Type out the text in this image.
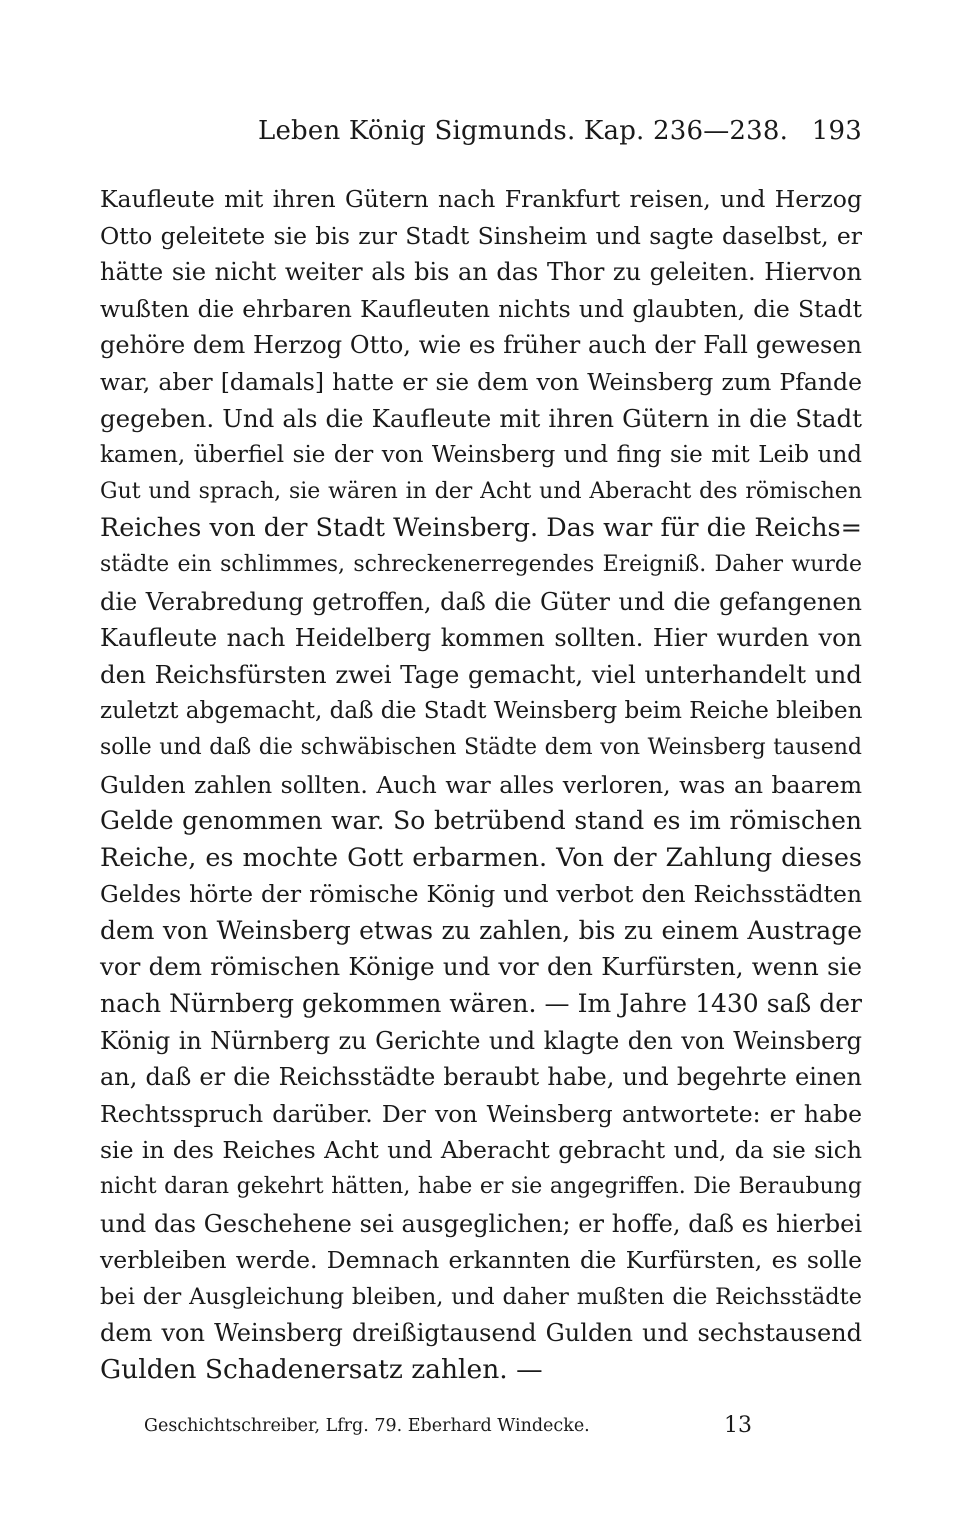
Leben König Sigmunds. Kap. 236—238. 193
Kaufleute mit ihren Gütern nach Frankfurt reisen, und Herzog
Otto geleitete sie bis zur Stadt Sinsheim und sagte daselbst, er
hätte sie nicht weiter als bis an das Thor zu geleiten. Hiervon
wußten die ehrbaren Kaufleuten nichts und glaubten, die Stadt
gehöre dem Herzog Otto, wie es früher auch der Fall gewesen
war, aber [damals] hatte er sie dem von Weinsberg zum Pfande
gegeben. Und als die Kaufleute mit ihren Gütern in die Stadt
kamen, überfiel sie der von Weinsberg und fing sie mit Leib und
Gut und sprach, sie wären in der Acht und Aberacht des römischen
Reiches von der Stadt Weinsberg. Das war für die Reichs=
städte ein schlimmes, schreckenerregendes Ereigniß. Daher wurde
die Verabredung getroffen, daß die Güter und die gefangenen
Kaufleute nach Heidelberg kommen sollten. Hier wurden von
den Reichsfürsten zwei Tage gemacht, viel unterhandelt und
zuletzt abgemacht, daß die Stadt Weinsberg beim Reiche bleiben
solle und daß die schwäbischen Städte dem von Weinsberg tausend
Gulden zahlen sollten. Auch war alles verloren, was an baarem
Gelde genommen war. So betrübend stand es im römischen
Reiche, es mochte Gott erbarmen. Von der Zahlung dieses
Geldes hörte der römische König und verbot den Reichsstädten
dem von Weinsberg etwas zu zahlen, bis zu einem Austrage
vor dem römischen Könige und vor den Kurfürsten, wenn sie
nach Nürnberg gekommen wären. — Im Jahre 1430 saß der
König in Nürnberg zu Gerichte und klagte den von Weinsberg
an, daß er die Reichsstädte beraubt habe, und begehrte einen
Rechtsspruch darüber. Der von Weinsberg antwortete: er habe
sie in des Reiches Acht und Aberacht gebracht und, da sie sich
nicht daran gekehrt hätten, habe er sie angegriffen. Die Beraubung
und das Geschehene sei ausgeglichen; er hoffe, daß es hierbei
verbleiben werde. Demnach erkannten die Kurfürsten, es solle
bei der Ausgleichung bleiben, und daher mußten die Reichsstädte
dem von Weinsberg dreißigtausend Gulden und sechstausend
Gulden Schadenersatz zahlen. —
Geschichtschreiber, Lfrg. 79. Eberhard Windecke.	13
